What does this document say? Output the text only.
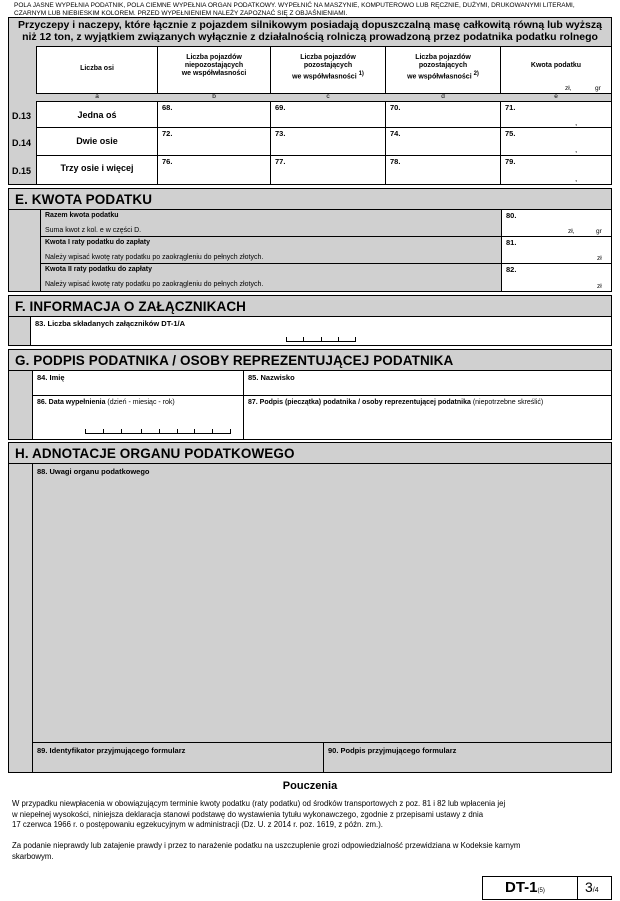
POLA JASNE WYPEŁNIA PODATNIK, POLA CIEMNE WYPEŁNIA ORGAN PODATKOWY. WYPEŁNIĆ NA MASZYNIE, KOMPUTEROWO LUB RĘCZNIE, DUŻYMI, DRUKOWANYMI LITERAMI,
CZARNYM LUB NIEBIESKIM KOLOREM. PRZED WYPEŁNIENIEM NALEŻY ZAPOZNAĆ SIĘ Z OBJAŚNIENIAMI.
Przyczepy i naczepy, które łącznie z pojazdem silnikowym posiadają dopuszczalną masę całkowitą równą lub wyższą
niż 12 ton, z wyjątkiem związanych wyłącznie z działalnością rolniczą prowadzoną przez podatnika podatku rolnego
Liczba osi
Liczba pojazdów
niepozostających
we współwłasności
Liczba pojazdów
pozostających
we współwłasności $^{1)}$
Liczba pojazdów
pozostających
we współwłasności $^{2)}$
Kwota podatku
zł,	gr
a	b	c	d	e
D.13	Jedna oś
68.	69.	70.	71.
,
D.14	Dwie osie
72.	73.	74.	75.
,
D.15	Trzy osie i więcej
76.	77.	78.	79.
,
E. KWOTA PODATKU
Razem kwota podatku
Suma kwot z kol. e w części D.
80.
zł,	gr
Kwota I raty podatku do zapłaty
Należy wpisać kwotę raty podatku po zaokrągleniu do pełnych złotych.
81.
zł
Kwota II raty podatku do zapłaty
Należy wpisać kwotę raty podatku po zaokrągleniu do pełnych złotych.
82.
zł
F. INFORMACJA O ZAŁĄCZNIKACH
83. Liczba składanych załączników DT-1/A
G. PODPIS PODATNIKA / OSOBY REPREZENTUJĄCEJ PODATNIKA
84. Imię	85. Nazwisko
86. Data wypełnienia (dzień - miesiąc - rok)	87. Podpis (pieczątka) podatnika / osoby reprezentującej podatnika (niepotrzebne skreślić)
H. ADNOTACJE ORGANU PODATKOWEGO
88. Uwagi organu podatkowego
89. Identyfikator przyjmującego formularz	90. Podpis przyjmującego formularz
Pouczenia
W przypadku niewpłacenia w obowiązującym terminie kwoty podatku (raty podatku) od środków transportowych z poz. 81 i 82 lub wpłacenia jej
w niepełnej wysokości, niniejsza deklaracja stanowi podstawę do wystawienia tytułu wykonawczego, zgodnie z przepisami ustawy z dnia
17 czerwca 1966 r. o postępowaniu egzekucyjnym w administracji (Dz. U. z 2014 r. poz. 1619, z późn. zm.).
Za podanie nieprawdy lub zatajenie prawdy i przez to narażenie podatku na uszczuplenie grozi odpowiedzialność przewidziana w Kodeksie karnym
skarbowym.
DT-1(5)	3/4
